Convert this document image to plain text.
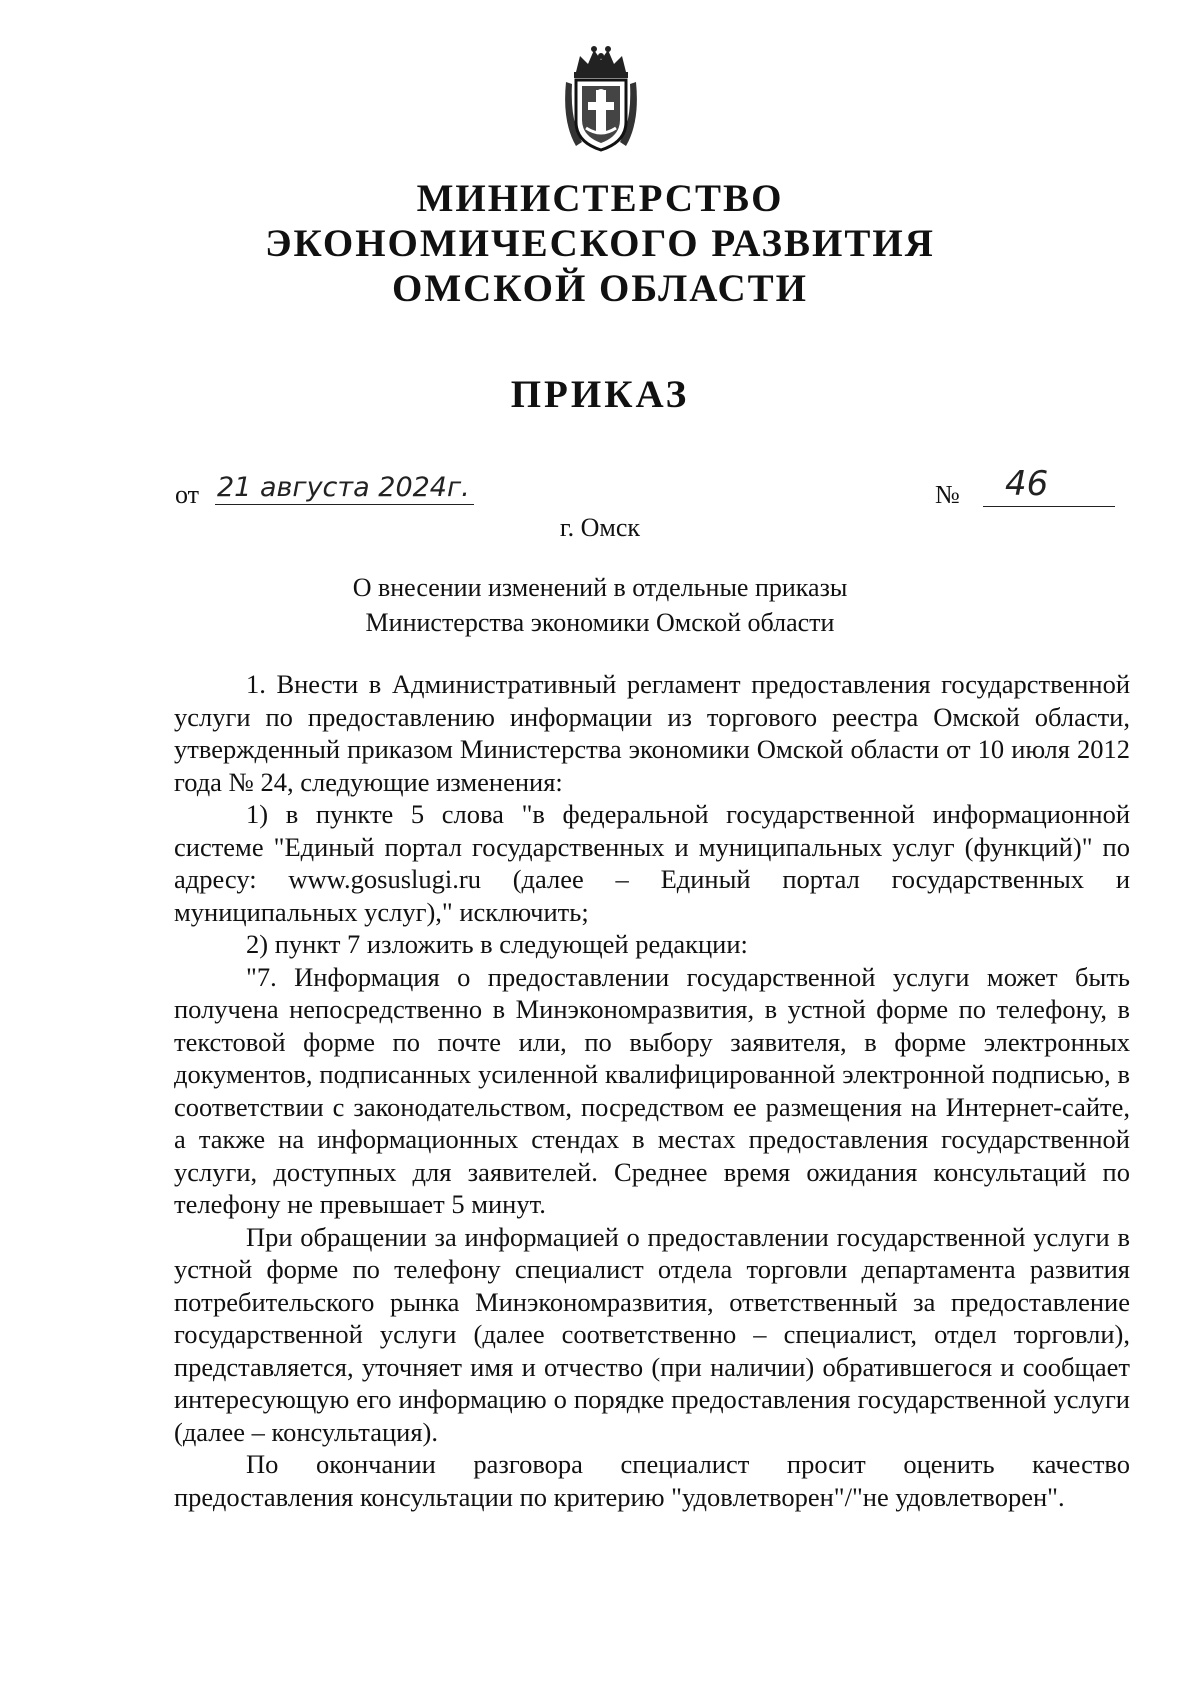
МИНИСТЕРСТВО
ЭКОНОМИЧЕСКОГО РАЗВИТИЯ
ОМСКОЙ ОБЛАСТИ
ПРИКАЗ
от 21 августа 2024г.	№ 46
г. Омск
О внесении изменений в отдельные приказы
Министерства экономики Омской области

1. Внести в Административный регламент предоставления государственной услуги по предоставлению информации из торгового реестра Омской области, утвержденный приказом Министерства экономики Омской области от 10 июля 2012 года № 24, следующие изменения:

1) в пункте 5 слова "в федеральной государственной информационной системе "Единый портал государственных и муниципальных услуг (функций)" по адресу: www.gosuslugi.ru (далее – Единый портал государственных и муниципальных услуг)," исключить;

2) пункт 7 изложить в следующей редакции:

"7. Информация о предоставлении государственной услуги может быть получена непосредственно в Минэкономразвития, в устной форме по телефону, в текстовой форме по почте или, по выбору заявителя, в форме электронных документов, подписанных усиленной квалифицированной электронной подписью, в соответствии с законодательством, посредством ее размещения на Интернет-сайте, а также на информационных стендах в местах предоставления государственной услуги, доступных для заявителей. Среднее время ожидания консультаций по телефону не превышает 5 минут.

При обращении за информацией о предоставлении государственной услуги в устной форме по телефону специалист отдела торговли департамента развития потребительского рынка Минэкономразвития, ответственный за предоставление государственной услуги (далее соответственно – специалист, отдел торговли), представляется, уточняет имя и отчество (при наличии) обратившегося и сообщает интересующую его информацию о порядке предоставления государственной услуги (далее – консультация).

По окончании разговора специалист просит оценить качество предоставления консультации по критерию "удовлетворен"/"не удовлетворен".
